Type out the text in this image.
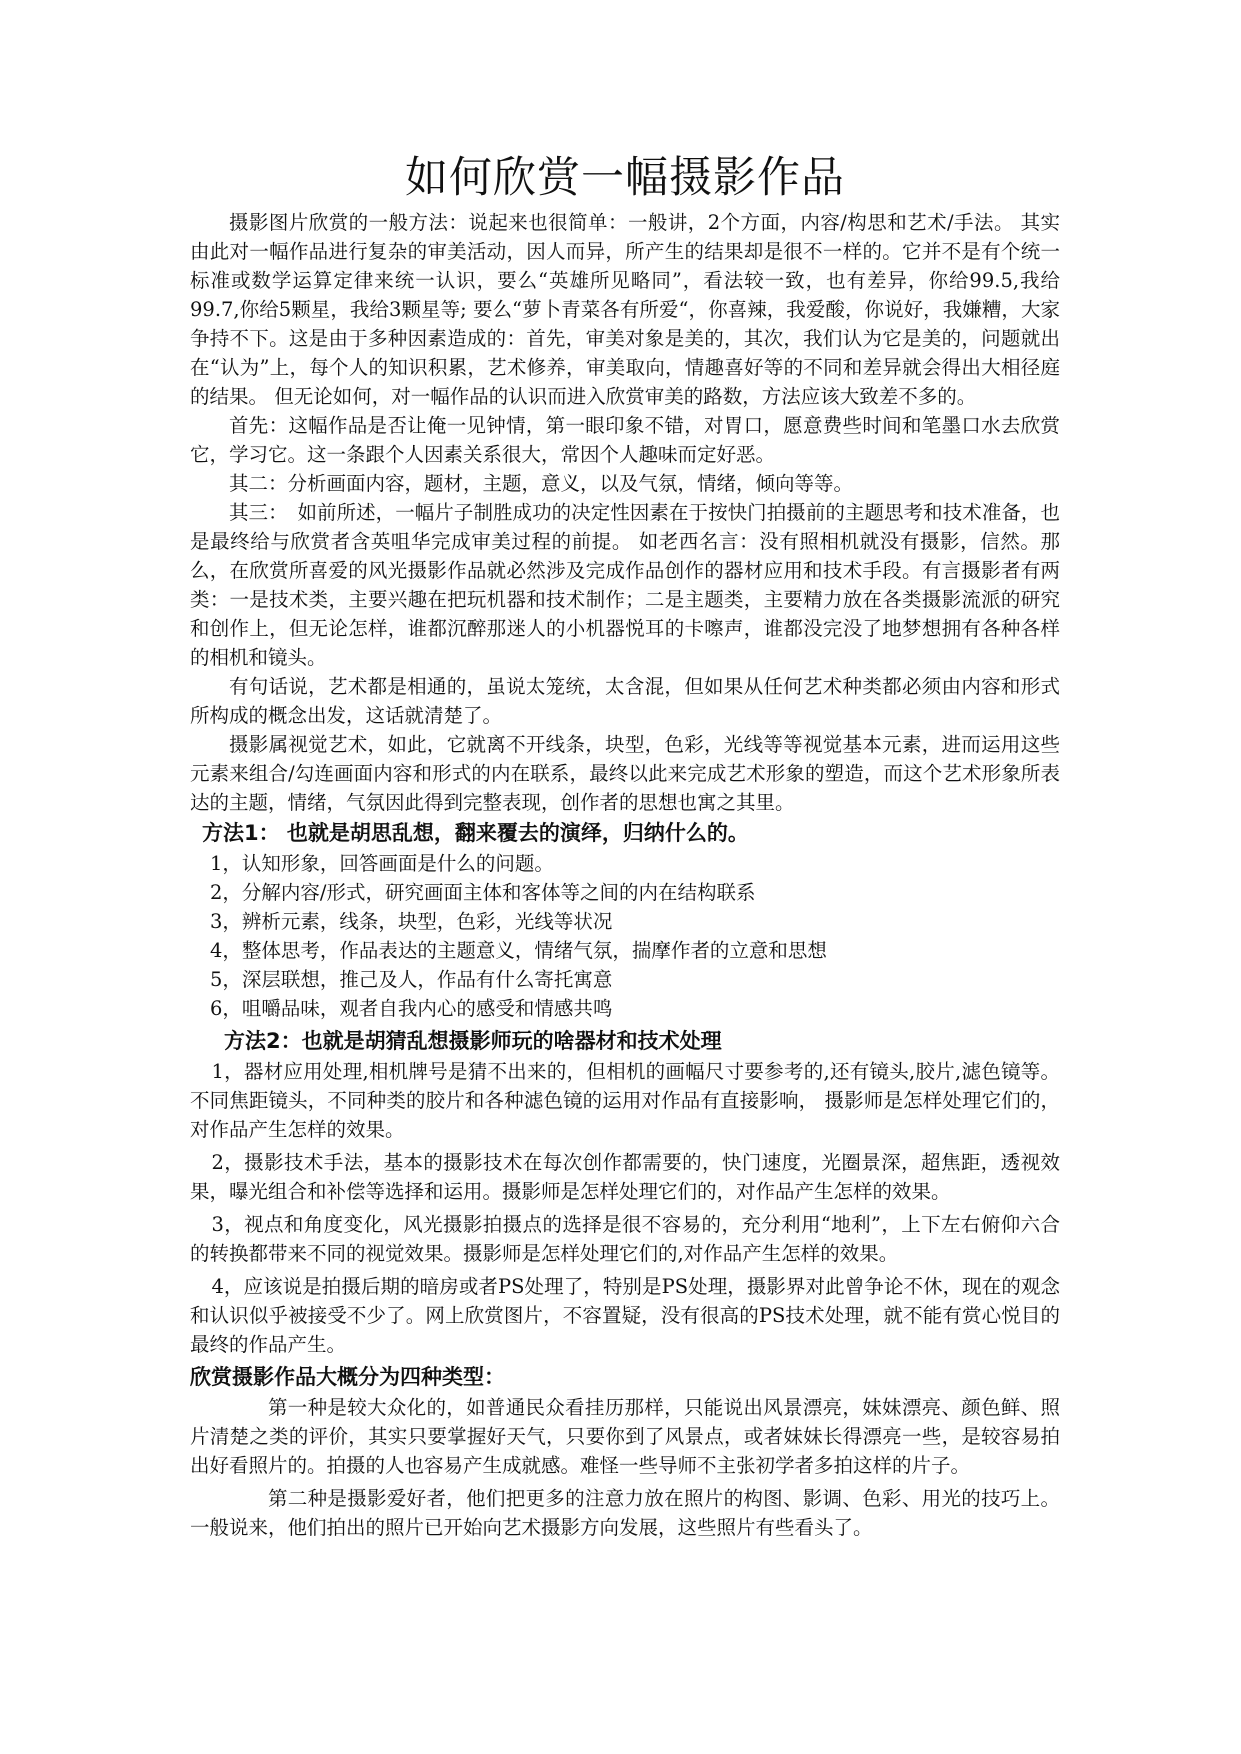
如何欣赏一幅摄影作品

摄影图片欣赏的一般方法：说起来也很简单：一般讲，2个方面，内容/构思和艺术/手法。 其实由此对一幅作品进行复杂的审美活动，因人而异，所产生的结果却是很不一样的。它并不是有个统一标准或数学运算定律来统一认识，要么“英雄所见略同”，看法较一致，也有差异，你给99.5,我给99.7,你给5颗星，我给3颗星等; 要么“萝卜青菜各有所爱“，你喜辣，我爱酸，你说好，我嫌糟，大家争持不下。这是由于多种因素造成的：首先，审美对象是美的，其次，我们认为它是美的，问题就出在“认为”上，每个人的知识积累，艺术修养，审美取向，情趣喜好等的不同和差异就会得出大相径庭的结果。 但无论如何，对一幅作品的认识而进入欣赏审美的路数，方法应该大致差不多的。

首先：这幅作品是否让俺一见钟情，第一眼印象不错，对胃口，愿意费些时间和笔墨口水去欣赏它，学习它。这一条跟个人因素关系很大，常因个人趣味而定好恶。

其二：分析画面内容，题材，主题，意义，以及气氛，情绪，倾向等等。

其三：　如前所述，一幅片子制胜成功的决定性因素在于按快门拍摄前的主题思考和技术准备，也是最终给与欣赏者含英咀华完成审美过程的前提。 如老西名言：没有照相机就没有摄影，信然。那么，在欣赏所喜爱的风光摄影作品就必然涉及完成作品创作的器材应用和技术手段。有言摄影者有两类：一是技术类，主要兴趣在把玩机器和技术制作；二是主题类，主要精力放在各类摄影流派的研究和创作上，但无论怎样，谁都沉醉那迷人的小机器悦耳的卡嚓声，谁都没完没了地梦想拥有各种各样的相机和镜头。

有句话说，艺术都是相通的，虽说太笼统，太含混，但如果从任何艺术种类都必须由内容和形式所构成的概念出发，这话就清楚了。

摄影属视觉艺术，如此，它就离不开线条，块型，色彩，光线等等视觉基本元素，进而运用这些元素来组合/勾连画面内容和形式的内在联系，最终以此来完成艺术形象的塑造，而这个艺术形象所表达的主题，情绪，气氛因此得到完整表现，创作者的思想也寓之其里。

方法1： 也就是胡思乱想，翻来覆去的演绎，归纳什么的。

1，认知形象，回答画面是什么的问题。

2，分解内容/形式，研究画面主体和客体等之间的内在结构联系

3，辨析元素，线条，块型，色彩，光线等状况

4，整体思考，作品表达的主题意义，情绪气氛，揣摩作者的立意和思想

5，深层联想，推己及人，作品有什么寄托寓意

6，咀嚼品味，观者自我内心的感受和情感共鸣

方法2：也就是胡猜乱想摄影师玩的啥器材和技术处理

1，器材应用处理,相机牌号是猜不出来的，但相机的画幅尺寸要参考的,还有镜头,胶片,滤色镜等。不同焦距镜头，不同种类的胶片和各种滤色镜的运用对作品有直接影响， 摄影师是怎样处理它们的，对作品产生怎样的效果。

2，摄影技术手法，基本的摄影技术在每次创作都需要的，快门速度，光圈景深，超焦距，透视效果，曝光组合和补偿等选择和运用。摄影师是怎样处理它们的，对作品产生怎样的效果。

3，视点和角度变化，风光摄影拍摄点的选择是很不容易的，充分利用“地利”，上下左右俯仰六合的转换都带来不同的视觉效果。摄影师是怎样处理它们的,对作品产生怎样的效果。

4，应该说是拍摄后期的暗房或者PS处理了，特别是PS处理，摄影界对此曾争论不休，现在的观念和认识似乎被接受不少了。网上欣赏图片，不容置疑，没有很高的PS技术处理，就不能有赏心悦目的最终的作品产生。

欣赏摄影作品大概分为四种类型：

第一种是较大众化的，如普通民众看挂历那样，只能说出风景漂亮，妹妹漂亮、颜色鲜、照片清楚之类的评价，其实只要掌握好天气，只要你到了风景点，或者妹妹长得漂亮一些，是较容易拍出好看照片的。拍摄的人也容易产生成就感。难怪一些导师不主张初学者多拍这样的片子。

第二种是摄影爱好者，他们把更多的注意力放在照片的构图、影调、色彩、用光的技巧上。一般说来，他们拍出的照片已开始向艺术摄影方向发展，这些照片有些看头了。
